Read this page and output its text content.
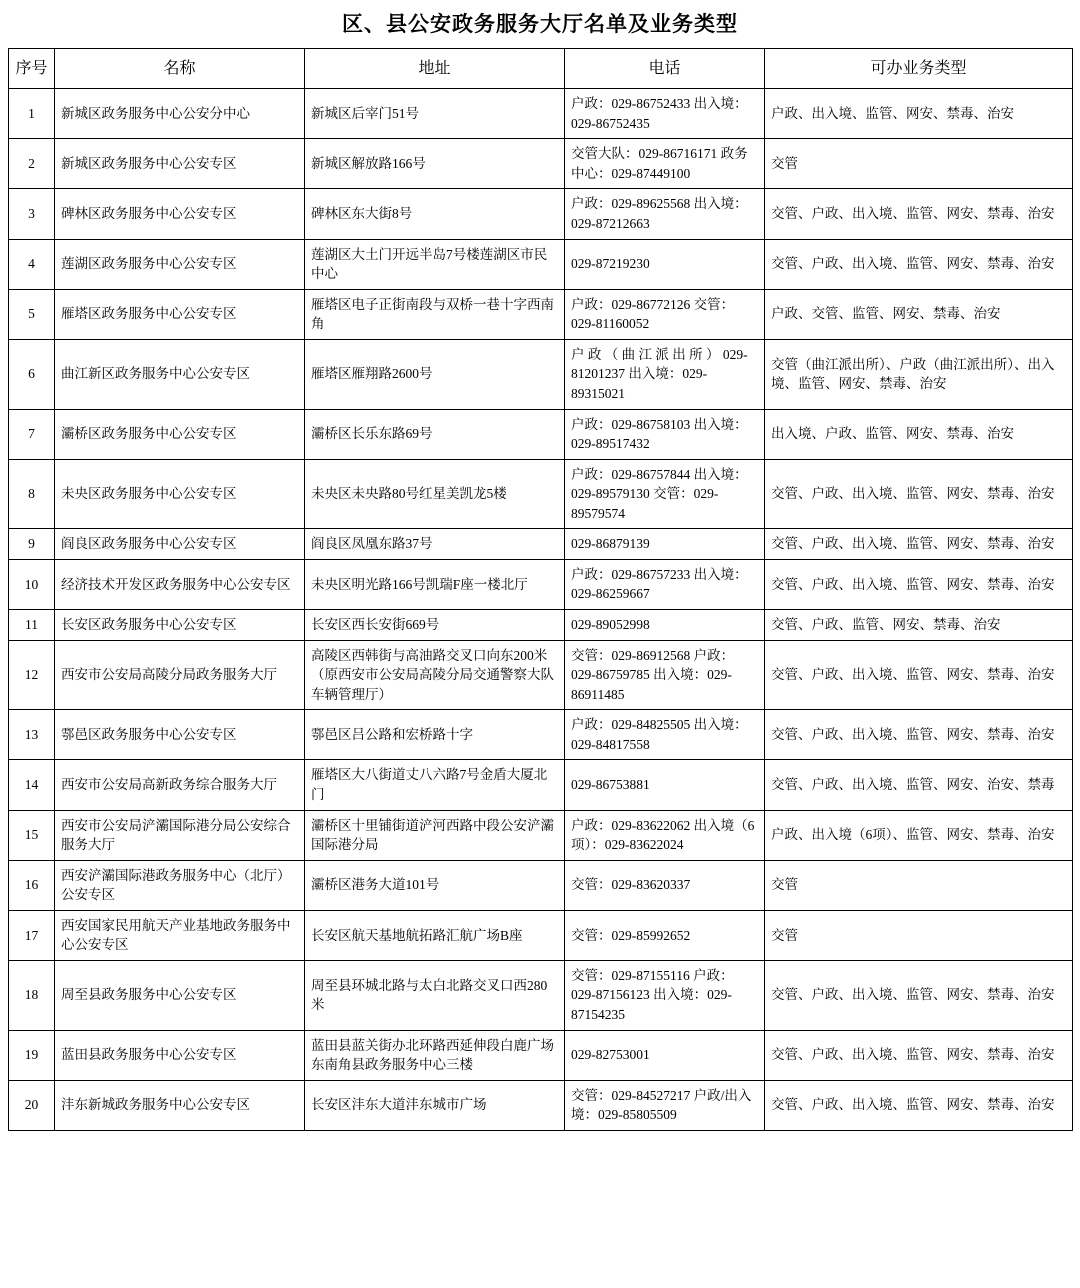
区、县公安政务服务大厅名单及业务类型
序号	名称	地址	电话	可办业务类型
1	新城区政务服务中心公安分中心	新城区后宰门51号	户政：029-86752433 出入境：029-86752435	户政、出入境、监管、网安、禁毒、治安
2	新城区政务服务中心公安专区	新城区解放路166号	交管大队：029-86716171 政务中心：029-87449100	交管
3	碑林区政务服务中心公安专区	碑林区东大街8号	户政：029-89625568 出入境：029-87212663	交管、户政、出入境、监管、网安、禁毒、治安
4	莲湖区政务服务中心公安专区	莲湖区大土门开远半岛7号楼莲湖区市民中心	029-87219230	交管、户政、出入境、监管、网安、禁毒、治安
5	雁塔区政务服务中心公安专区	雁塔区电子正街南段与双桥一巷十字西南角	户政：029-86772126 交管：029-81160052	户政、交管、监管、网安、禁毒、治安
6	曲江新区政务服务中心公安专区	雁塔区雁翔路2600号	户 政 （ 曲 江 派 出 所 ） 029-81201237 出入境：029-89315021	交管（曲江派出所）、户政（曲江派出所）、出入境、监管、网安、禁毒、治安
7	灞桥区政务服务中心公安专区	灞桥区长乐东路69号	户政：029-86758103 出入境：029-89517432	出入境、户政、监管、网安、禁毒、治安
8	未央区政务服务中心公安专区	未央区未央路80号红星美凯龙5楼	户政：029-86757844 出入境：029-89579130 交管：029-89579574	交管、户政、出入境、监管、网安、禁毒、治安
9	阎良区政务服务中心公安专区	阎良区凤凰东路37号	029-86879139	交管、户政、出入境、监管、网安、禁毒、治安
10	经济技术开发区政务服务中心公安专区	未央区明光路166号凯瑞F座一楼北厅	户政：029-86757233 出入境：029-86259667	交管、户政、出入境、监管、网安、禁毒、治安
11	长安区政务服务中心公安专区	长安区西长安街669号	029-89052998	交管、户政、监管、网安、禁毒、治安
12	西安市公安局高陵分局政务服务大厅	高陵区西韩街与高油路交叉口向东200米（原西安市公安局高陵分局交通警察大队车辆管理厅）	交管：029-86912568 户政：029-86759785 出入境：029-86911485	交管、户政、出入境、监管、网安、禁毒、治安
13	鄠邑区政务服务中心公安专区	鄠邑区吕公路和宏桥路十字	户政：029-84825505 出入境：029-84817558	交管、户政、出入境、监管、网安、禁毒、治安
14	西安市公安局高新政务综合服务大厅	雁塔区大八街道丈八六路7号金盾大厦北门	029-86753881	交管、户政、出入境、监管、网安、治安、禁毒
15	西安市公安局浐灞国际港分局公安综合服务大厅	灞桥区十里铺街道浐河西路中段公安浐灞国际港分局	户政：029-83622062 出入境（6项）：029-83622024	户政、出入境（6项）、监管、网安、禁毒、治安
16	西安浐灞国际港政务服务中心（北厅）公安专区	灞桥区港务大道101号	交管：029-83620337	交管
17	西安国家民用航天产业基地政务服务中心公安专区	长安区航天基地航拓路汇航广场B座	交管：029-85992652	交管
18	周至县政务服务中心公安专区	周至县环城北路与太白北路交叉口西280米	交管：029-87155116 户政：029-87156123 出入境：029-87154235	交管、户政、出入境、监管、网安、禁毒、治安
19	蓝田县政务服务中心公安专区	蓝田县蓝关街办北环路西延伸段白鹿广场东南角县政务服务中心三楼	029-82753001	交管、户政、出入境、监管、网安、禁毒、治安
20	沣东新城政务服务中心公安专区	长安区沣东大道沣东城市广场	交管：029-84527217 户政/出入境：029-85805509	交管、户政、出入境、监管、网安、禁毒、治安
